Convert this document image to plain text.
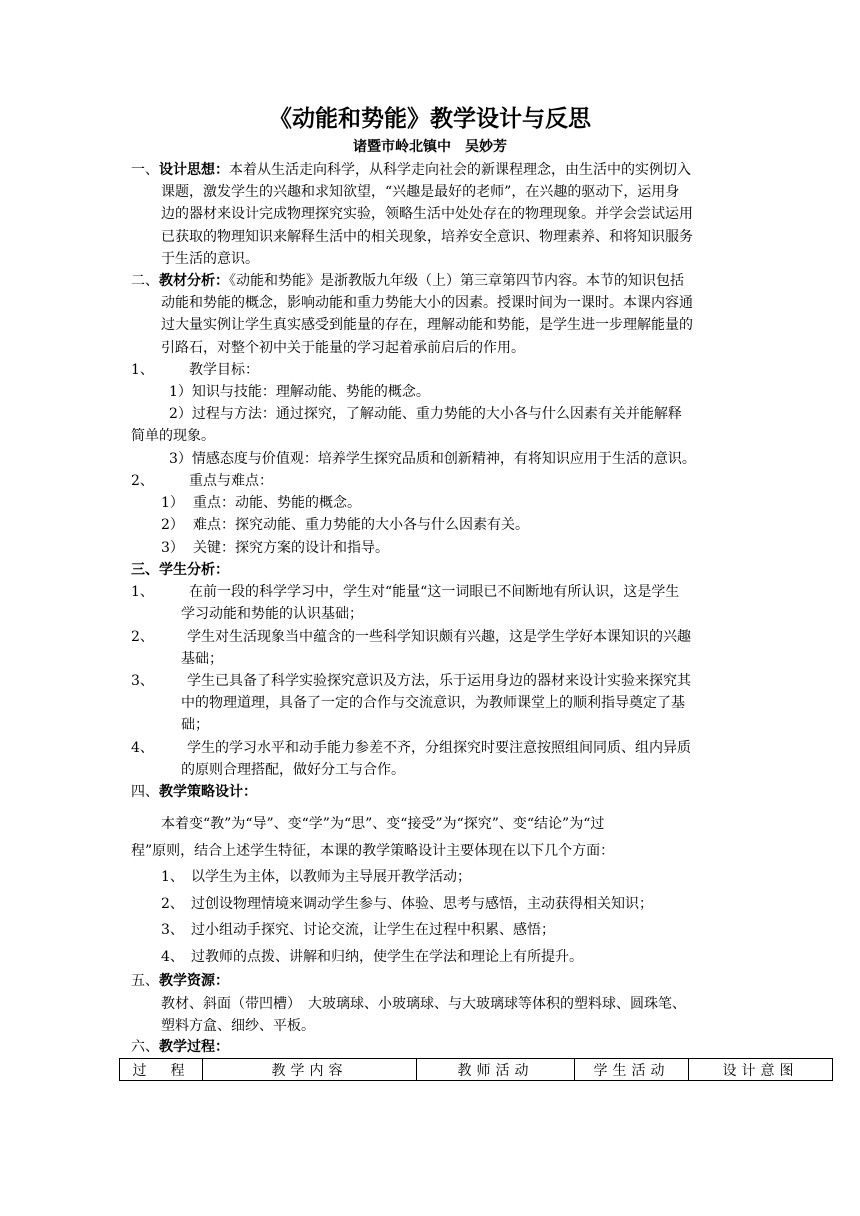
《动能和势能》教学设计与反思
诸暨市岭北镇中　吴妙芳
一、设计思想：本着从生活走向科学，从科学走向社会的新课程理念，由生活中的实例切入
课题，激发学生的兴趣和求知欲望，“兴趣是最好的老师”，在兴趣的驱动下，运用身
边的器材来设计完成物理探究实验，领略生活中处处存在的物理现象。并学会尝试运用
已获取的物理知识来解释生活中的相关现象，培养安全意识、物理素养、和将知识服务
于生活的意识。
二、教材分析：《动能和势能》是浙教版九年级（上）第三章第四节内容。本节的知识包括
动能和势能的概念，影响动能和重力势能大小的因素。授课时间为一课时。本课内容通
过大量实例让学生真实感受到能量的存在，理解动能和势能，是学生进一步理解能量的
引路石，对整个初中关于能量的学习起着承前启后的作用。
1、	教学目标：
1）知识与技能：理解动能、势能的概念。
2）过程与方法：通过探究，了解动能、重力势能的大小各与什么因素有关并能解释
简单的现象。
3）情感态度与价值观：培养学生探究品质和创新精神，有将知识应用于生活的意识。
2、	重点与难点：
1） 重点：动能、势能的概念。
2） 难点：探究动能、重力势能的大小各与什么因素有关。
3） 关键：探究方案的设计和指导。
三、学生分析：
1、	在前一段的科学学习中，学生对“能量“这一词眼已不间断地有所认识，这是学生
学习动能和势能的认识基础；
2、 学生对生活现象当中蕴含的一些科学知识颇有兴趣，这是学生学好本课知识的兴趣
基础；
3、 学生已具备了科学实验探究意识及方法，乐于运用身边的器材来设计实验来探究其
中的物理道理，具备了一定的合作与交流意识，为教师课堂上的顺利指导奠定了基
础；
4、 学生的学习水平和动手能力参差不齐，分组探究时要注意按照组间同质、组内异质
的原则合理搭配，做好分工与合作。
四、教学策略设计：
本着变“教”为“导”、变“学”为“思”、变“接受”为“探究”、变“结论”为“过
程”原则，结合上述学生特征，本课的教学策略设计主要体现在以下几个方面：
1、 以学生为主体，以教师为主导展开教学活动；
2、 过创设物理情境来调动学生参与、体验、思考与感悟，主动获得相关知识；
3、 过小组动手探究、讨论交流，让学生在过程中积累、感悟；
4、 过教师的点拨、讲解和归纳，使学生在学法和理论上有所提升。
五、教学资源：
教材、斜面（带凹槽）　大玻璃球、小玻璃球、与大玻璃球等体积的塑料球、圆珠笔、
塑料方盒、细纱、平板。
六、教学过程：
过　程	教学内容	教师活动	学生活动	设计意图
